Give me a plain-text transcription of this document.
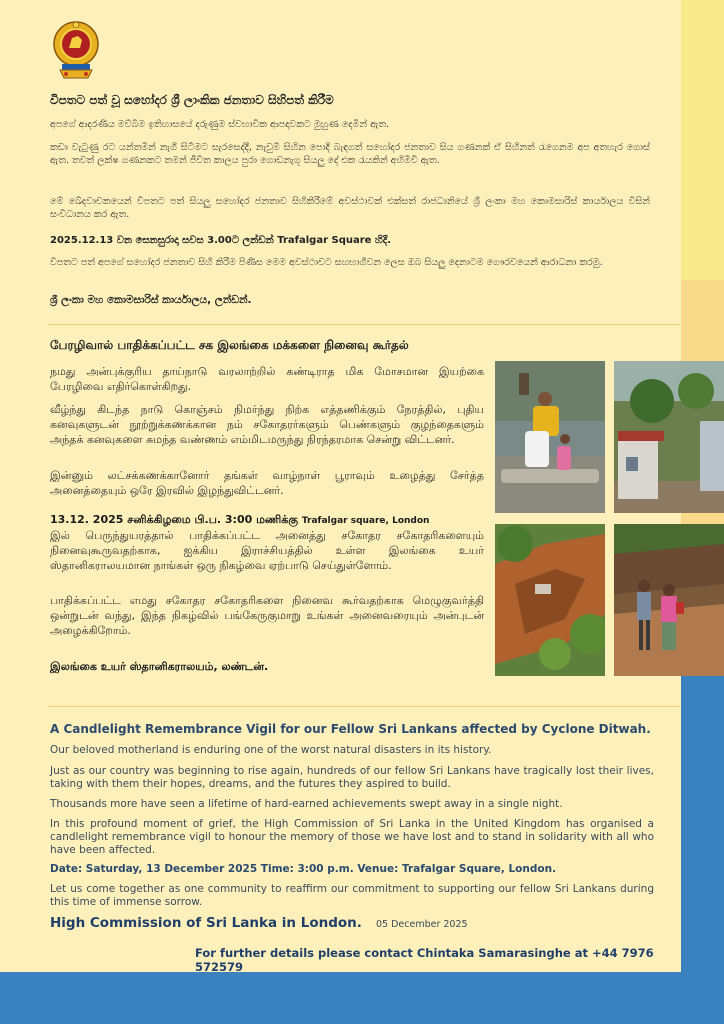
විපතට පත් වූ සහෝදර ශ්‍රී ලාංකික ජනතාව සිහිපත් කිරීම
අපගේ ආදරණීය මව්බිම ඉතිහාසයේ දරුණුම ස්වභාවික ආපදාවකට මුහුණ දෙමින් ඇත.
කඩා වැටුණු රට යන්තමින් නැගී සිටීමට සැරසෙද්දී, නැවුම් සිහින පොදි බැඳගත් සහෝදර ජනතාව සිය ගණනක් ඒ සිහිනත් රැගෙනම අප අතහැර ගොස් ඇත. තවත් ලක්ෂ ගණනකට තමන් ජීවිත කාලය පුරා ගොඩනැගූ සියලු දේ එක රැයකින් අහිමිවී ඇත.
මේ ඛේදවාචකයෙන් විපතට පත් සියලු සහෝදර ජනතාව සිහිකිරීමේ අවස්ථාවක් එක්සත් රාජධානියේ ශ්‍රී ලංකා මහ කොමසාරිස් කාර්යාලය විසින් සංවිධානය කර ඇත.
2025.12.13 වන සෙනසුරාදා සවස 3.00ට ලන්ඩන් Trafalgar Square හිදී.
විපතට පත් අපගේ සහෝදර ජනතාව සිහි කිරීම පිණිස මෙම අවස්ථාවට සහභාගීවන ලෙස ඔබ සියලු දෙනාටම ගෞරවයෙන් ආරාධනා කරමු.
ශ්‍රී ලංකා මහ කොමසාරිස් කාර්යාලය, ලන්ඩන්.
பேரழிவால் பாதிக்கப்பட்ட சக இலங்கை மக்களை நினைவு கூர்தல்
நமது அன்புக்குரிய தாய்நாடு வரலாற்றில் கண்டிராத மிக மோசமான இயற்கை பேரழிவை எதிர்கொள்கிறது.
வீழ்ந்து கிடந்த நாடு கொஞ்சம் நிமர்ந்து நிற்க எத்தணிக்கும் நேரத்தில், புதிய கனவுகளுடன் நூற்றுக்கணக்கான நம் சகோதரர்களும் பெண்களும் குழந்தைகளும் அந்தக் கனவுகளை சுமந்த வண்ணம் எம்மிடமருந்து நிரந்தரமாக சென்று விட்டனர்.
இன்னும் லட்சக்கணக்கானோர் தங்கள் வாழ்நாள் பூராவும் உழைத்து சேர்த்த அனைத்தையும் ஒரே இரவில் இழந்துவிட்டனர்.
13.12. 2025 சனிக்கிழமை பி.ப. 3:00 மணிக்கு Trafalgar square, London
இல் பெருந்துயரத்தால் பாதிக்கப்பட்ட அனைத்து சகோதர சகோதரிகளையும் நினைவுகூருவதற்காக, ஐக்கிய இராச்சியத்தில் உள்ள இலங்கை உயர் ஸ்தானிகராலயமான நாங்கள் ஒரு நிகழ்வை ஏற்பாடு செய்துள்ளோம்.
பாதிக்கப்பட்ட எமது சகோதர சகோதரிகளை நினைவ கூர்வதற்காக மெழுகுவர்த்தி ஒன்றுடன் வந்து, இந்த நிகழ்வில் பங்கேருகுமாறு உங்கள் அனைவரையும் அன்புடன் அழைக்கிறோம்.
இலங்கை உயர் ஸ்தானிகராலயம், லண்டன்.
A Candlelight Remembrance Vigil for our Fellow Sri Lankans affected by Cyclone Ditwah.
Our beloved motherland is enduring one of the worst natural disasters in its history.
Just as our country was beginning to rise again, hundreds of our fellow Sri Lankans have tragically lost their lives, taking with them their hopes, dreams, and the futures they aspired to build.
Thousands more have seen a lifetime of hard-earned achievements swept away in a single night.
In this profound moment of grief, the High Commission of Sri Lanka in the United Kingdom has organised a candlelight remembrance vigil to honour the memory of those we have lost and to stand in solidarity with all who have been affected.
Date: Saturday, 13 December 2025 Time: 3:00 p.m. Venue: Trafalgar Square, London.
Let us come together as one community to reaffirm our commitment to supporting our fellow Sri Lankans during this time of immense sorrow.
High Commission of Sri Lanka in London. 05 December 2025
For further details please contact Chintaka Samarasinghe at +44 7976 572579
